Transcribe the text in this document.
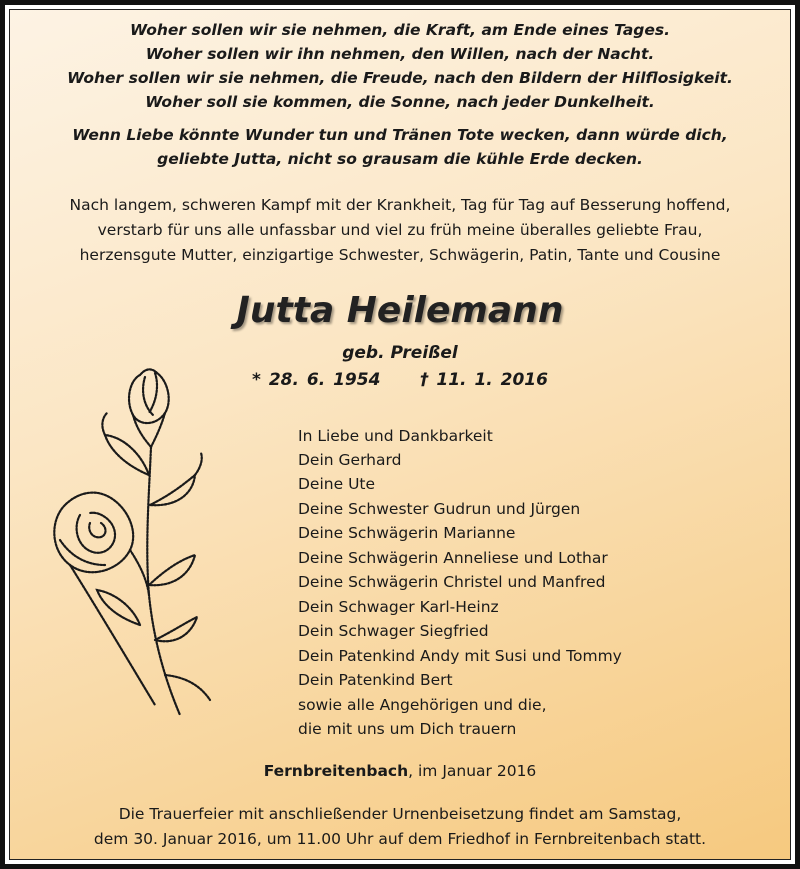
Woher sollen wir sie nehmen, die Kraft, am Ende eines Tages.
Woher sollen wir ihn nehmen, den Willen, nach der Nacht.
Woher sollen wir sie nehmen, die Freude, nach den Bildern der Hilflosigkeit.
Woher soll sie kommen, die Sonne, nach jeder Dunkelheit.
Wenn Liebe könnte Wunder tun und Tränen Tote wecken, dann würde dich,
geliebte Jutta, nicht so grausam die kühle Erde decken.
Nach langem, schweren Kampf mit der Krankheit, Tag für Tag auf Besserung hoffend,
verstarb für uns alle unfassbar und viel zu früh meine überalles geliebte Frau,
herzensgute Mutter, einzigartige Schwester, Schwägerin, Patin, Tante und Cousine
Jutta Heilemann
geb. Preißel
* 28. 6. 1954     † 11. 1. 2016
In Liebe und Dankbarkeit
Dein Gerhard
Deine Ute
Deine Schwester Gudrun und Jürgen
Deine Schwägerin Marianne
Deine Schwägerin Anneliese und Lothar
Deine Schwägerin Christel und Manfred
Dein Schwager Karl-Heinz
Dein Schwager Siegfried
Dein Patenkind Andy mit Susi und Tommy
Dein Patenkind Bert
sowie alle Angehörigen und die,
die mit uns um Dich trauern
Fernbreitenbach, im Januar 2016
Die Trauerfeier mit anschließender Urnenbeisetzung findet am Samstag,
dem 30. Januar 2016, um 11.00 Uhr auf dem Friedhof in Fernbreitenbach statt.
